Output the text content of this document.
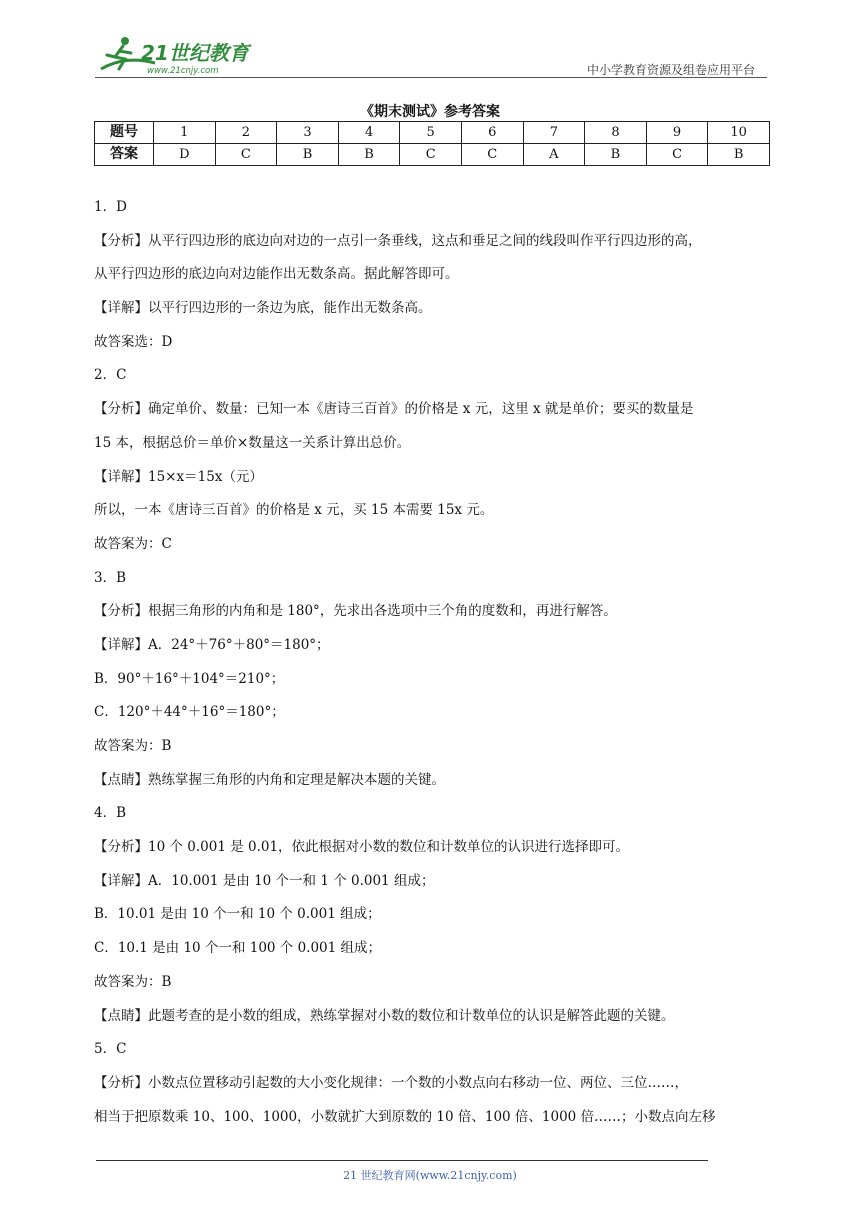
21世纪教育
www.21cnjy.com	中小学教育资源及组卷应用平台
《期末测试》参考答案
题号	1	2	3	4	5	6	7	8	9	10
答案	D	C	B	B	C	C	A	B	C	B
1．D
【分析】从平行四边形的底边向对边的一点引一条垂线，这点和垂足之间的线段叫作平行四边形的高，
从平行四边形的底边向对边能作出无数条高。据此解答即可。
【详解】以平行四边形的一条边为底，能作出无数条高。
故答案选：D
2．C
【分析】确定单价、数量：已知一本《唐诗三百首》的价格是 x 元，这里 x 就是单价；要买的数量是
15 本，根据总价＝单价×数量这一关系计算出总价。
【详解】15×x＝15x（元）
所以，一本《唐诗三百首》的价格是 x 元，买 15 本需要 15x 元。
故答案为：C
3．B
【分析】根据三角形的内角和是 180°，先求出各选项中三个角的度数和，再进行解答。
【详解】A．24°＋76°＋80°＝180°；
B．90°＋16°＋104°＝210°；
C．120°＋44°＋16°＝180°；
故答案为：B
【点睛】熟练掌握三角形的内角和定理是解决本题的关键。
4．B
【分析】10 个 0.001 是 0.01，依此根据对小数的数位和计数单位的认识进行选择即可。
【详解】A．10.001 是由 10 个一和 1 个 0.001 组成；
B．10.01 是由 10 个一和 10 个 0.001 组成；
C．10.1 是由 10 个一和 100 个 0.001 组成；
故答案为：B
【点睛】此题考查的是小数的组成，熟练掌握对小数的数位和计数单位的认识是解答此题的关键。
5．C
【分析】小数点位置移动引起数的大小变化规律：一个数的小数点向右移动一位、两位、三位……，
相当于把原数乘 10、100、1000，小数就扩大到原数的 10 倍、100 倍、1000 倍……；小数点向左移
21 世纪教育网(www.21cnjy.com)
